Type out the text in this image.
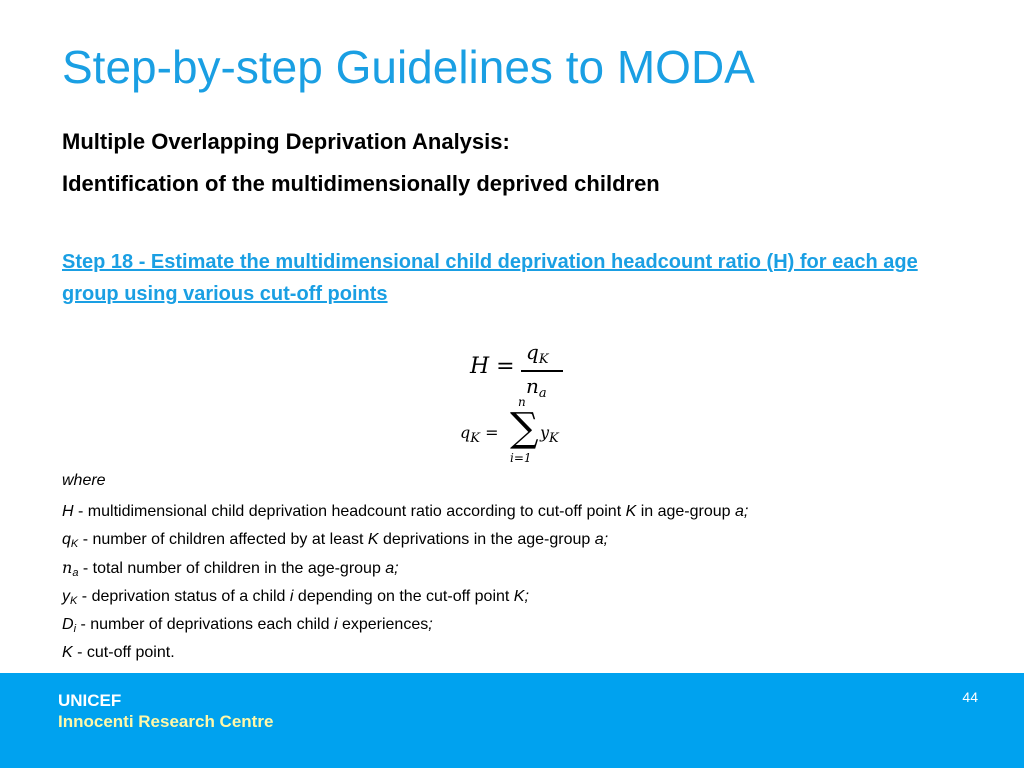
Step-by-step Guidelines to MODA
Multiple Overlapping Deprivation Analysis:
Identification of the multidimensionally deprived children
Step 18 - Estimate the multidimensional child deprivation headcount ratio (H) for each age group using various cut-off points
H =
$q_K$
$n_a$
$q_K$ =
n
∑
i=1
$y_K$
where
H - multidimensional child deprivation headcount ratio according to cut-off point K in age-group a;
qK - number of children affected by at least K deprivations in the age-group a;
na - total number of children in the age-group a;
yK - deprivation status of a child i depending on the cut-off point K;
Di - number of deprivations each child i experiences;
K - cut-off point.
UNICEF
Innocenti Research Centre
44
